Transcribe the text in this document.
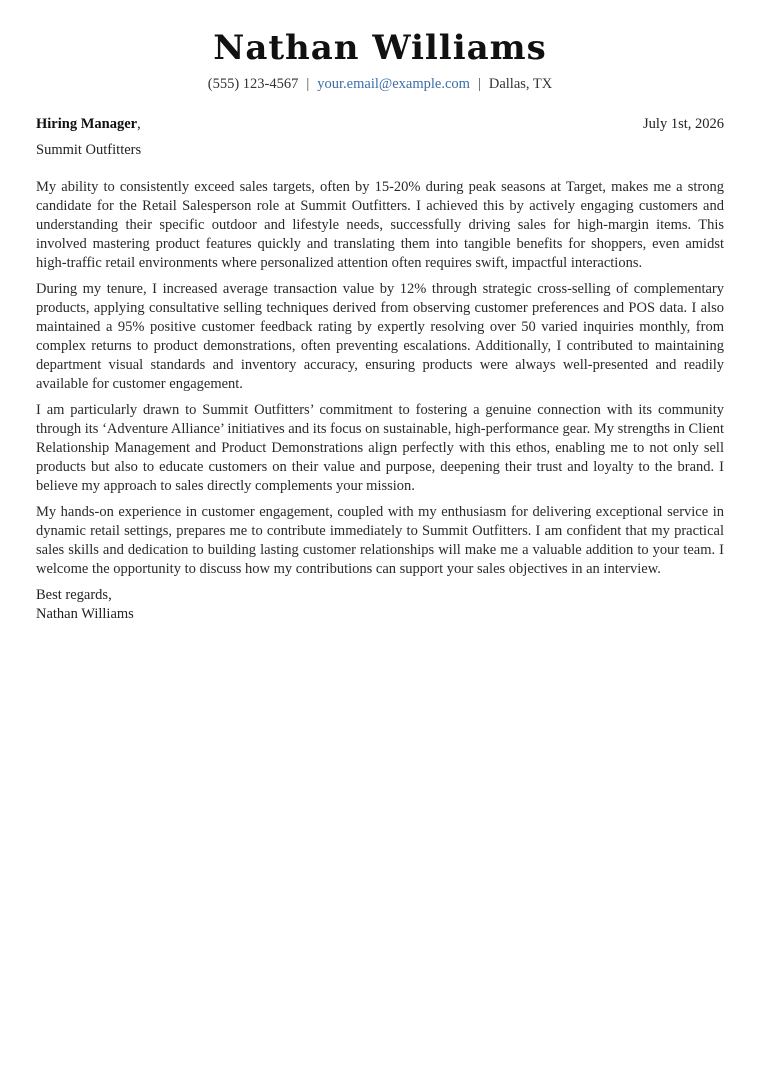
Nathan Williams
(555) 123-4567 | your.email@example.com | Dallas, TX
Hiring Manager,	July 1st, 2026
Summit Outfitters

My ability to consistently exceed sales targets, often by 15-20% during peak seasons at Target, makes me a strong candidate for the Retail Salesperson role at Summit Outfitters. I achieved this by actively engaging customers and understanding their specific outdoor and lifestyle needs, successfully driving sales for high-margin items. This involved mastering product features quickly and translating them into tangible benefits for shoppers, even amidst high-traffic retail environments where personalized attention often requires swift, impactful interactions.

During my tenure, I increased average transaction value by 12% through strategic cross-selling of complementary products, applying consultative selling techniques derived from observing customer preferences and POS data. I also maintained a 95% positive customer feedback rating by expertly resolving over 50 varied inquiries monthly, from complex returns to product demonstrations, often preventing escalations. Additionally, I contributed to maintaining department visual standards and inventory accuracy, ensuring products were always well-presented and readily available for customer engagement.

I am particularly drawn to Summit Outfitters’ commitment to fostering a genuine connection with its community through its ‘Adventure Alliance’ initiatives and its focus on sustainable, high-performance gear. My strengths in Client Relationship Management and Product Demonstrations align perfectly with this ethos, enabling me to not only sell products but also to educate customers on their value and purpose, deepening their trust and loyalty to the brand. I believe my approach to sales directly complements your mission.

My hands-on experience in customer engagement, coupled with my enthusiasm for delivering exceptional service in dynamic retail settings, prepares me to contribute immediately to Summit Outfitters. I am confident that my practical sales skills and dedication to building lasting customer relationships will make me a valuable addition to your team. I welcome the opportunity to discuss how my contributions can support your sales objectives in an interview.

Best regards,
Nathan Williams
